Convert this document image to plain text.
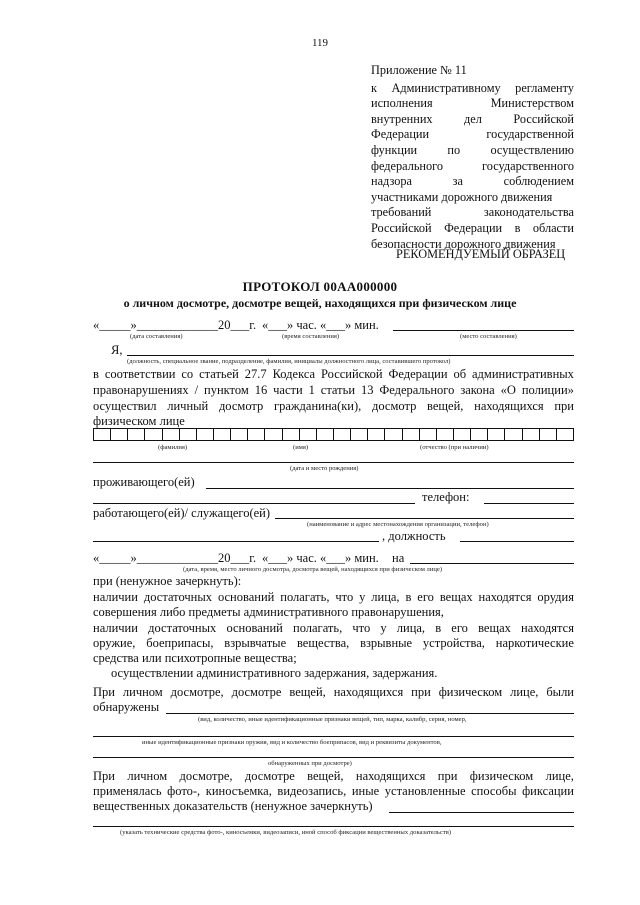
119
Приложение № 11
к Административному регламенту
исполнения	Министерством
внутренних	дел	Российской
Федерации	государственной
функции по осуществлению
федерального	государственного
надзора	за	соблюдением
участниками дорожного движения
требований	законодательства
Российской Федерации в области
безопасности дорожного движения
РЕКОМЕНДУЕМЫЙ ОБРАЗЕЦ
ПРОТОКОЛ 00АА000000
о личном досмотре, досмотре вещей, находящихся при физическом лице
«_____»_____________20___г. «___» час. «___» мин.
(дата составления)	(время составления)	(место составления)
Я,
(должность, специальное звание, подразделение, фамилия, инициалы должностного лица, составившего протокол)
в соответствии со статьей 27.7 Кодекса Российской Федерации об административных
правонарушениях / пунктом 16 части 1 статьи 13 Федерального закона «О полиции»
осуществил личный досмотр гражданина(ки), досмотр вещей, находящихся при
физическом лице
(фамилия)	(имя)	(отчество (при наличии)
(дата и место рождения)
проживающего(ей)
телефон:
работающего(ей)/ служащего(ей)
(наименование и адрес местонахождения организации, телефон)
, должность
«_____»_____________20___г. «___» час. «___» мин. на
(дата, время, место личного досмотра, досмотра вещей, находящихся при физическом лице)
при (ненужное зачеркнуть):
наличии достаточных оснований полагать, что у лица, в его вещах находятся орудия
совершения либо предметы административного правонарушения,
наличии достаточных оснований полагать, что у лица, в его вещах находятся
оружие, боеприпасы, взрывчатые вещества, взрывные устройства, наркотические
средства или психотропные вещества;
осуществлении административного задержания, задержания.
При личном досмотре, досмотре вещей, находящихся при физическом лице, были
обнаружены
(вид, количество, иные идентификационные признаки вещей, тип, марка, калибр, серия, номер,
иные идентификационные признаки оружия, вид и количество боеприпасов, вид и реквизиты документов,
обнаруженных при досмотре)
При личном досмотре, досмотре вещей, находящихся при физическом лице,
применялась фото-, киносъемка, видеозапись, иные установленные способы фиксации
вещественных доказательств (ненужное зачеркнуть)
(указать технические средства фото-, киносъемки, видеозаписи, иной способ фиксации вещественных доказательств)
